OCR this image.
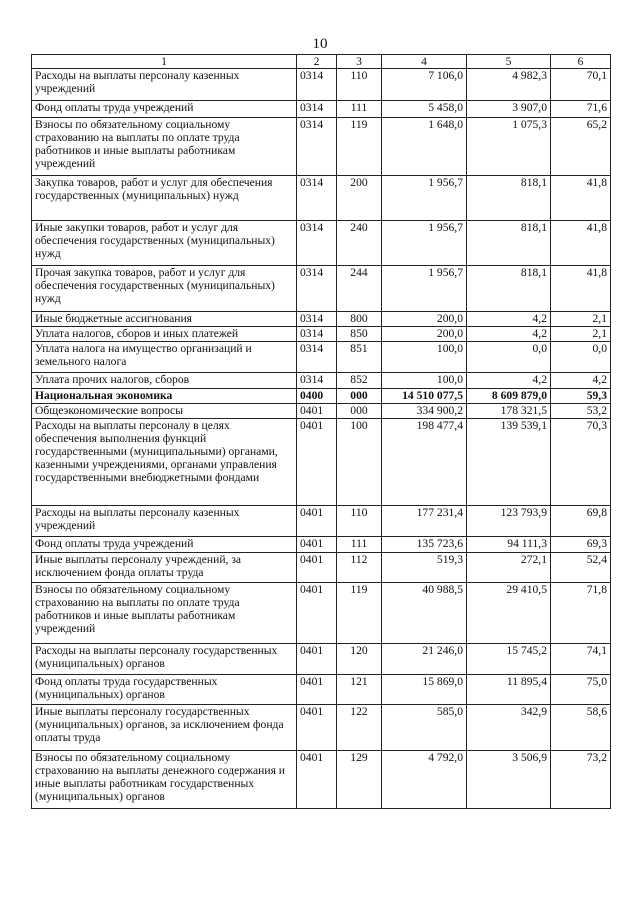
10
1	2	3	4	5	6
Расходы на выплаты персоналу казенных учреждений	0314	110	7 106,0	4 982,3	70,1
Фонд оплаты труда учреждений	0314	111	5 458,0	3 907,0	71,6
Взносы по обязательному социальному страхованию на выплаты по оплате труда работников и иные выплаты работникам учреждений	0314	119	1 648,0	1 075,3	65,2
Закупка товаров, работ и услуг для обеспечения государственных (муниципальных) нужд	0314	200	1 956,7	818,1	41,8
Иные закупки товаров, работ и услуг для обеспечения государственных (муниципальных) нужд	0314	240	1 956,7	818,1	41,8
Прочая закупка товаров, работ и услуг для обеспечения государственных (муниципальных) нужд	0314	244	1 956,7	818,1	41,8
Иные бюджетные ассигнования	0314	800	200,0	4,2	2,1
Уплата налогов, сборов и иных платежей	0314	850	200,0	4,2	2,1
Уплата налога на имущество организаций и земельного налога	0314	851	100,0	0,0	0,0
Уплата прочих налогов, сборов	0314	852	100,0	4,2	4,2
Национальная экономика	0400	000	14 510 077,5	8 609 879,0	59,3
Общеэкономические вопросы	0401	000	334 900,2	178 321,5	53,2
Расходы на выплаты персоналу в целях обеспечения выполнения функций государственными (муниципальными) органами, казенными учреждениями, органами управления государственными внебюджетными фондами	0401	100	198 477,4	139 539,1	70,3
Расходы на выплаты персоналу казенных учреждений	0401	110	177 231,4	123 793,9	69,8
Фонд оплаты труда учреждений	0401	111	135 723,6	94 111,3	69,3
Иные выплаты персоналу учреждений, за исключением фонда оплаты труда	0401	112	519,3	272,1	52,4
Взносы по обязательному социальному страхованию на выплаты по оплате труда работников и иные выплаты работникам учреждений	0401	119	40 988,5	29 410,5	71,8
Расходы на выплаты персоналу государственных (муниципальных) органов	0401	120	21 246,0	15 745,2	74,1
Фонд оплаты труда государственных (муниципальных) органов	0401	121	15 869,0	11 895,4	75,0
Иные выплаты персоналу государственных (муниципальных) органов, за исключением фонда оплаты труда	0401	122	585,0	342,9	58,6
Взносы по обязательному социальному страхованию на выплаты денежного содержания и иные выплаты работникам государственных (муниципальных) органов	0401	129	4 792,0	3 506,9	73,2
